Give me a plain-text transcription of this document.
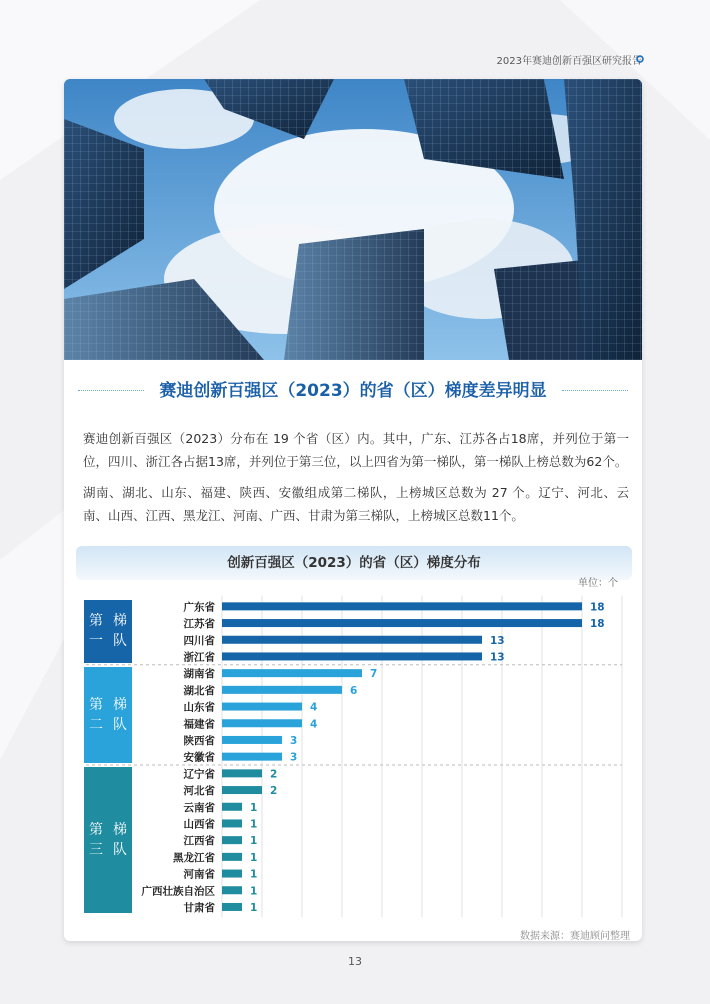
2023年赛迪创新百强区研究报告
赛迪创新百强区（2023）的省（区）梯度差异明显
赛迪创新百强区（2023）分布在 19 个省（区）内。其中，广东、江苏各占18席，并列位于第一位，四川、浙江各占据13席，并列位于第三位，以上四省为第一梯队，第一梯队上榜总数为62个。
湖南、湖北、山东、福建、陕西、安徽组成第二梯队，上榜城区总数为 27 个。辽宁、河北、云南、山西、江西、黑龙江、河南、广西、甘肃为第三梯队，上榜城区总数11个。
创新百强区（2023）的省（区）梯度分布
单位：个
第一

梯队
第二

梯队
第三

梯队
广东省	18
江苏省	18
四川省	13
浙江省	13
湖南省	7
湖北省	6
山东省	4
福建省	4
陕西省	3
安徽省	3
辽宁省	2
河北省	2
云南省	1
山西省	1
江西省	1
黑龙江省	1
河南省	1
广西壮族自治区	1
甘肃省	1
数据来源：赛迪顾问整理
13
